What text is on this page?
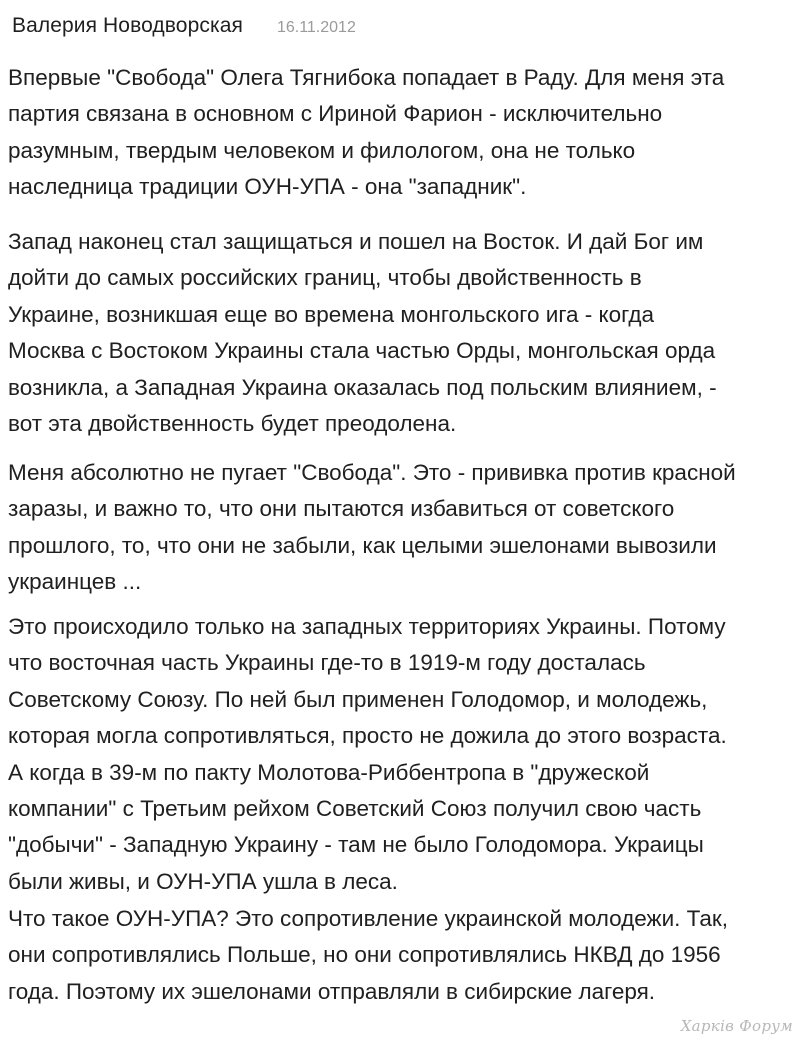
Валерия Новодворская 16.11.2012

Впервые "Свобода" Олега Тягнибока попадает в Раду. Для меня эта
партия связана в основном с Ириной Фарион - исключительно
разумным, твердым человеком и филологом, она не только
наследница традиции ОУН-УПА - она "западник".

Запад наконец стал защищаться и пошел на Восток. И дай Бог им
дойти до самых российских границ, чтобы двойственность в
Украине, возникшая еще во времена монгольского ига - когда
Москва с Востоком Украины стала частью Орды, монгольская орда
возникла, а Западная Украина оказалась под польским влиянием, -
вот эта двойственность будет преодолена.

Меня абсолютно не пугает "Свобода". Это - прививка против красной
заразы, и важно то, что они пытаются избавиться от советского
прошлого, то, что они не забыли, как целыми эшелонами вывозили
украинцев ...

Это происходило только на западных территориях Украины. Потому
что восточная часть Украины где-то в 1919-м году досталась
Советскому Союзу. По ней был применен Голодомор, и молодежь,
которая могла сопротивляться, просто не дожила до этого возраста.
А когда в 39-м по пакту Молотова-Риббентропа в "дружеской
компании" с Третьим рейхом Советский Союз получил свою часть
"добычи" - Западную Украину - там не было Голодомора. Украицы
были живы, и ОУН-УПА ушла в леса.

Что такое ОУН-УПА? Это сопротивление украинской молодежи. Так,
они сопротивлялись Польше, но они сопротивлялись НКВД до 1956
года. Поэтому их эшелонами отправляли в сибирские лагеря.

Харків Форум
